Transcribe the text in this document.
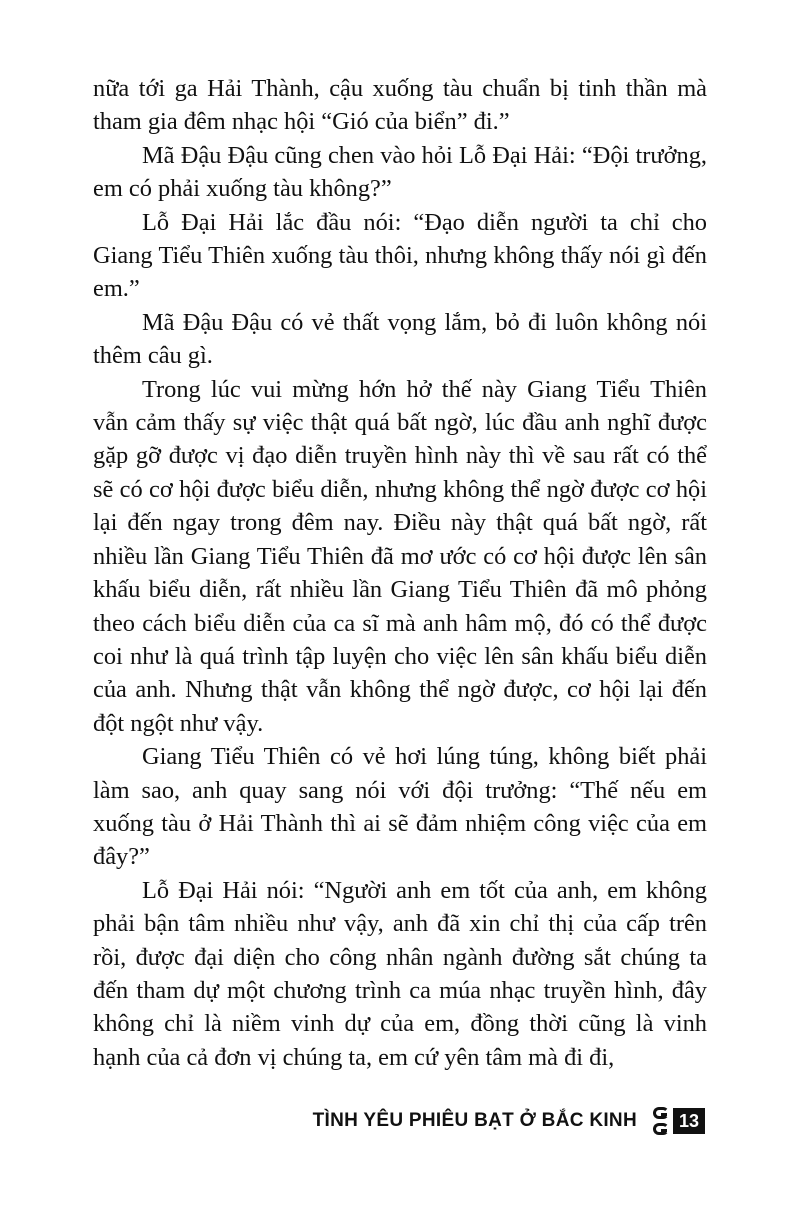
nữa tới ga Hải Thành, cậu xuống tàu chuẩn bị tinh thần mà tham gia đêm nhạc hội “Gió của biển” đi.”

Mã Đậu Đậu cũng chen vào hỏi Lỗ Đại Hải: “Đội trưởng, em có phải xuống tàu không?”

Lỗ Đại Hải lắc đầu nói: “Đạo diễn người ta chỉ cho Giang Tiểu Thiên xuống tàu thôi, nhưng không thấy nói gì đến em.”

Mã Đậu Đậu có vẻ thất vọng lắm, bỏ đi luôn không nói thêm câu gì.

Trong lúc vui mừng hớn hở thế này Giang Tiểu Thiên vẫn cảm thấy sự việc thật quá bất ngờ, lúc đầu anh nghĩ được gặp gỡ được vị đạo diễn truyền hình này thì về sau rất có thể sẽ có cơ hội được biểu diễn, nhưng không thể ngờ được cơ hội lại đến ngay trong đêm nay. Điều này thật quá bất ngờ, rất nhiều lần Giang Tiểu Thiên đã mơ ước có cơ hội được lên sân khấu biểu diễn, rất nhiều lần Giang Tiểu Thiên đã mô phỏng theo cách biểu diễn của ca sĩ mà anh hâm mộ, đó có thể được coi như là quá trình tập luyện cho việc lên sân khấu biểu diễn của anh. Nhưng thật vẫn không thể ngờ được, cơ hội lại đến đột ngột như vậy.

Giang Tiểu Thiên có vẻ hơi lúng túng, không biết phải làm sao, anh quay sang nói với đội trưởng: “Thế nếu em xuống tàu ở Hải Thành thì ai sẽ đảm nhiệm công việc của em đây?”

Lỗ Đại Hải nói: “Người anh em tốt của anh, em không phải bận tâm nhiều như vậy, anh đã xin chỉ thị của cấp trên rồi, được đại diện cho công nhân ngành đường sắt chúng ta đến tham dự một chương trình ca múa nhạc truyền hình, đây không chỉ là niềm vinh dự của em, đồng thời cũng là vinh hạnh của cả đơn vị chúng ta, em cứ yên tâm mà đi đi,

TÌNH YÊU PHIÊU BẠT Ở BẮC KINH	13
